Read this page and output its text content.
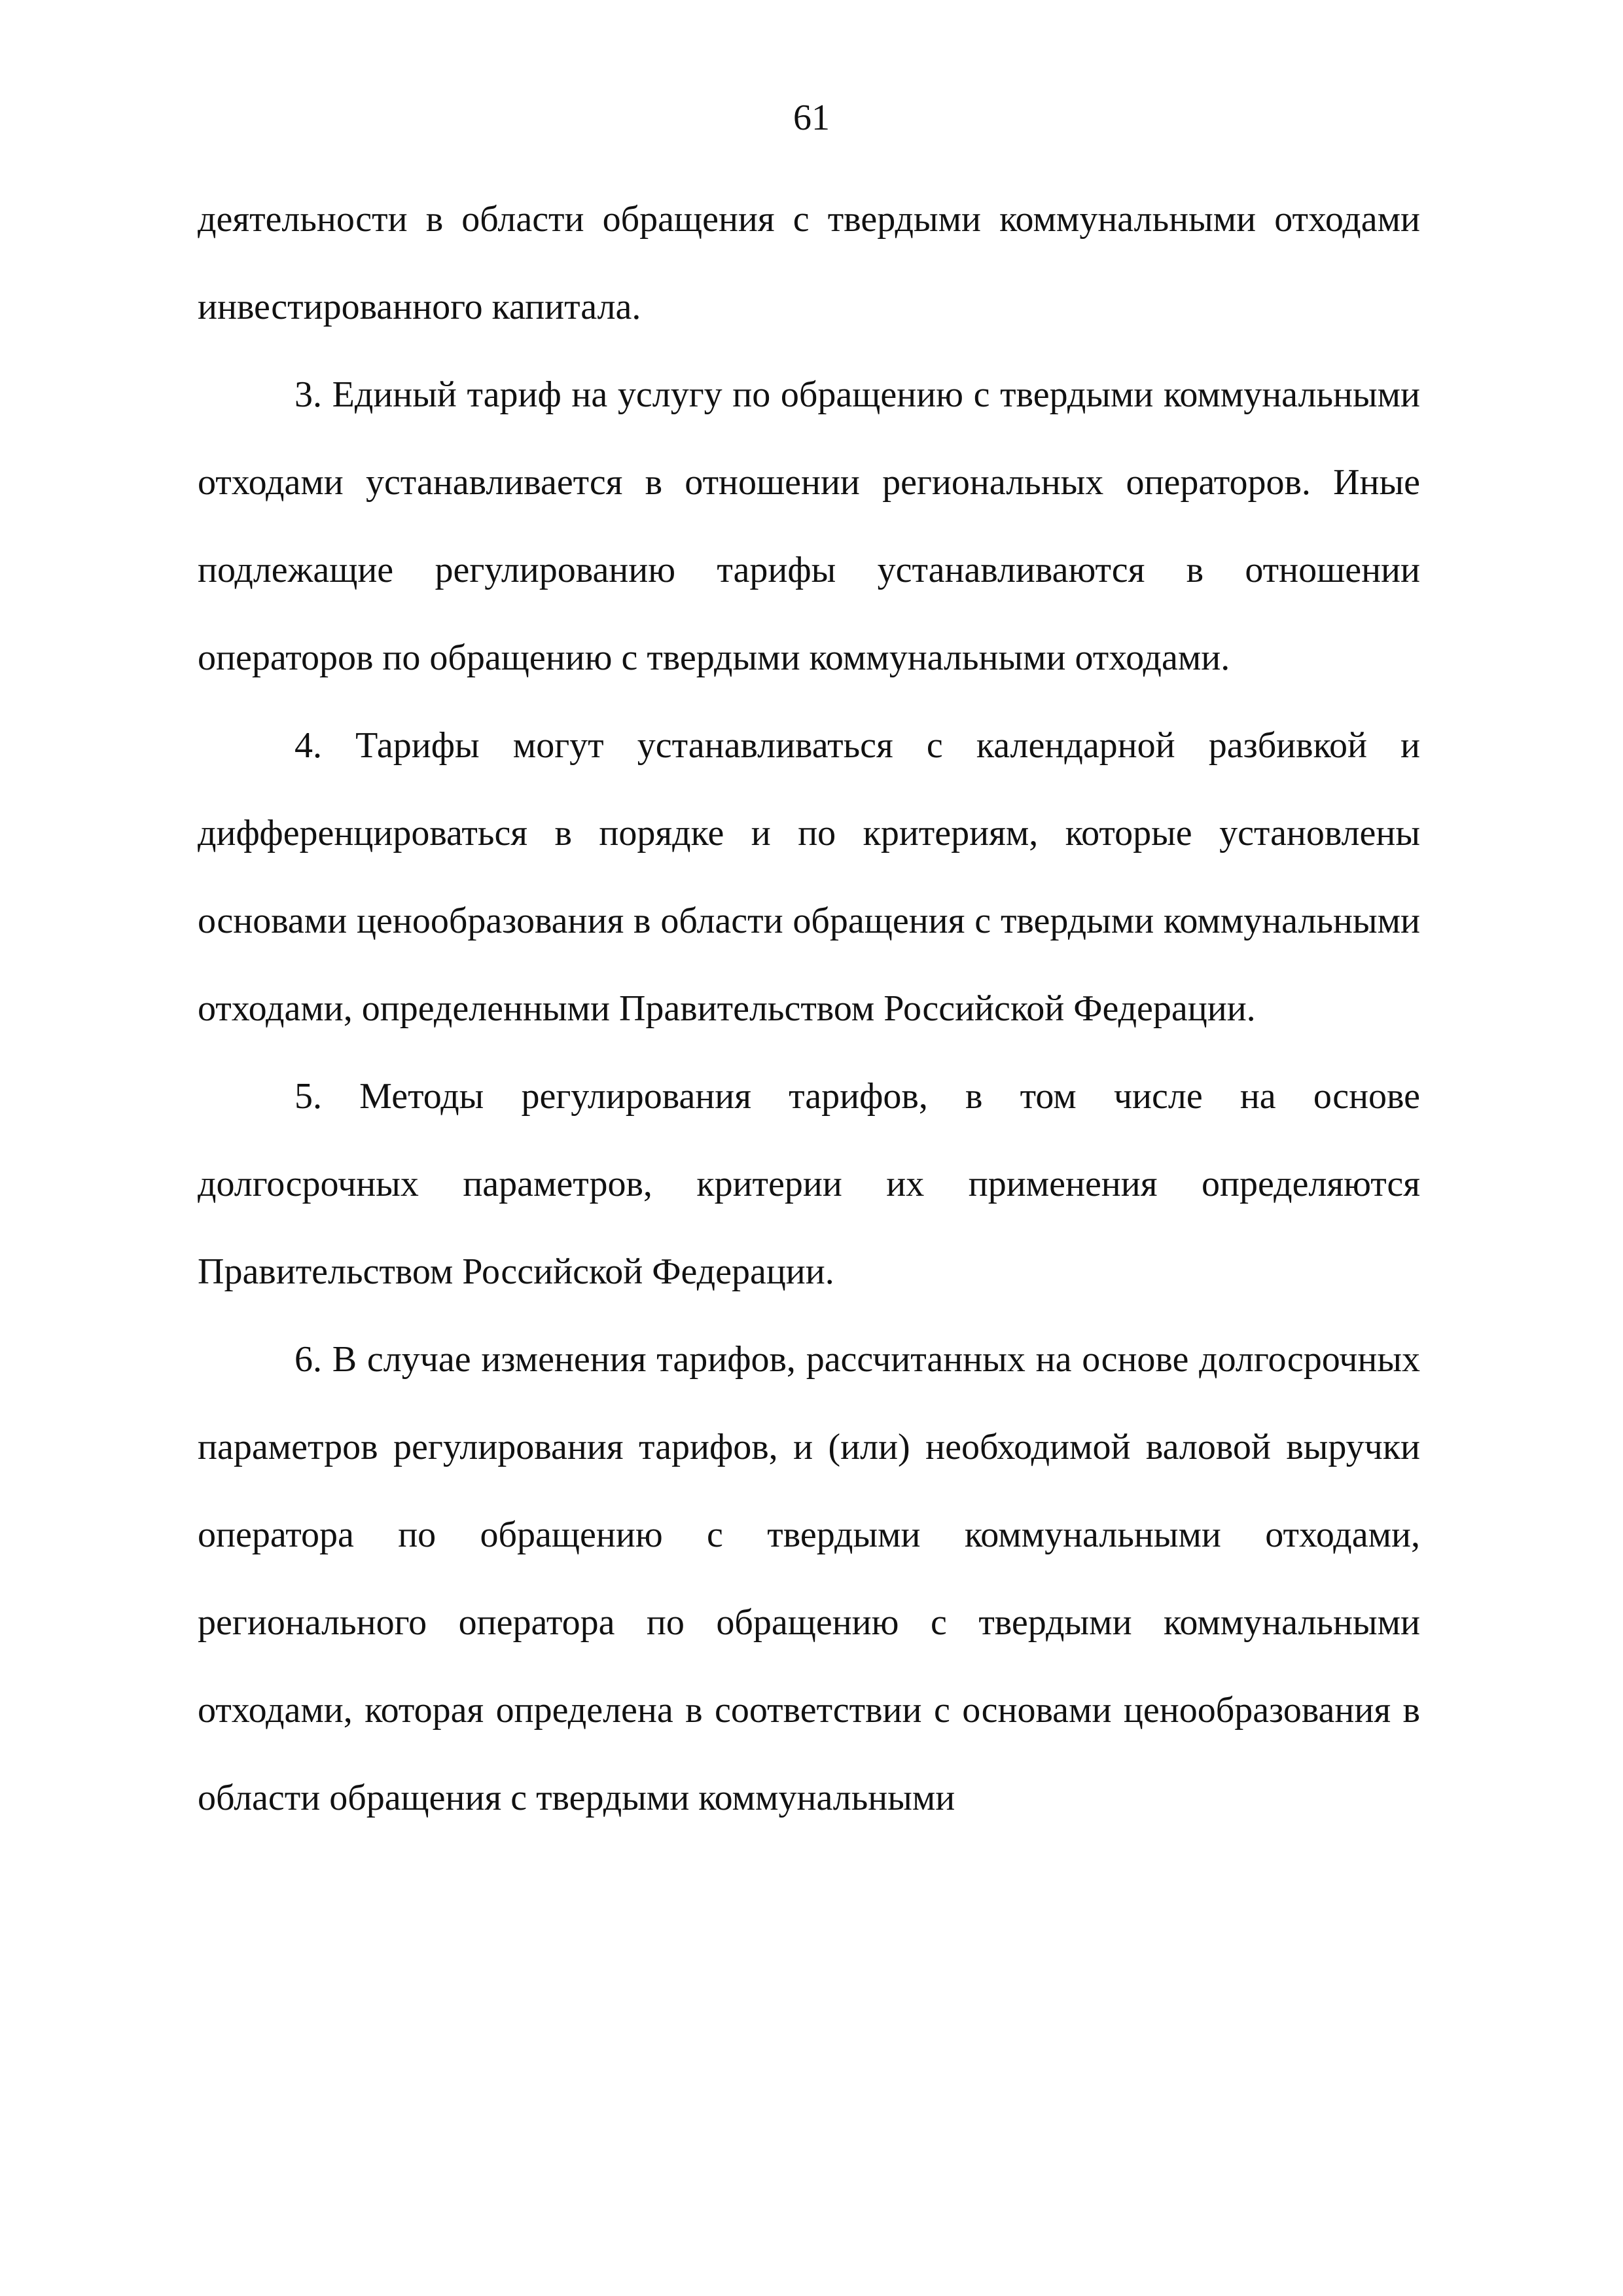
61

деятельности в области обращения с твердыми коммунальными отходами инвестированного капитала.

3. Единый тариф на услугу по обращению с твердыми коммунальными отходами устанавливается в отношении региональных операторов. Иные подлежащие регулированию тарифы устанавливаются в отношении операторов по обращению с твердыми коммунальными отходами.

4. Тарифы могут устанавливаться с календарной разбивкой и дифференцироваться в порядке и по критериям, которые установлены основами ценообразования в области обращения с твердыми коммунальными отходами, определенными Правительством Российской Федерации.

5. Методы регулирования тарифов, в том числе на основе долгосрочных параметров, критерии их применения определяются Правительством Российской Федерации.

6. В случае изменения тарифов, рассчитанных на основе долгосрочных параметров регулирования тарифов, и (или) необходимой валовой выручки оператора по обращению с твердыми коммунальными отходами, регионального оператора по обращению с твердыми коммунальными отходами, которая определена в соответствии с основами ценообразования в области обращения с твердыми коммунальными
